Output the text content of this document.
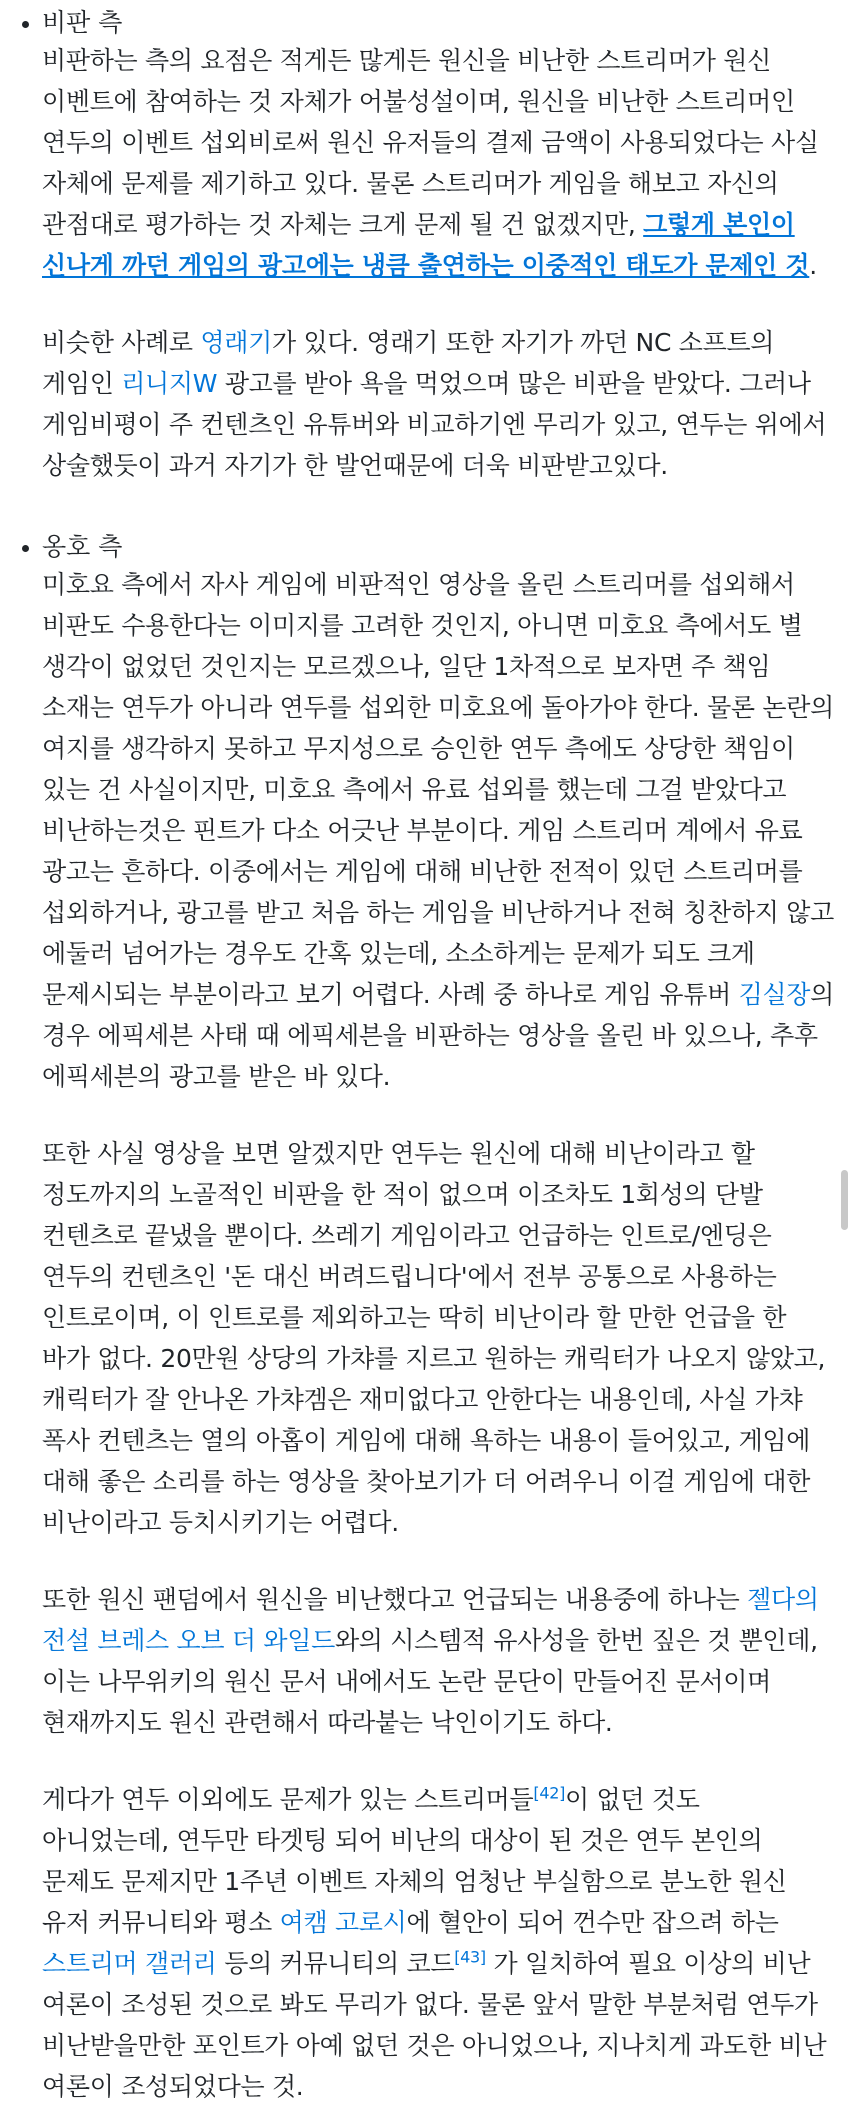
비판 측

비판하는 측의 요점은 적게든 많게든 원신을 비난한 스트리머가 원신 이벤트에 참여하는 것 자체가 어불성설이며, 원신을 비난한 스트리머인 연두의 이벤트 섭외비로써 원신 유저들의 결제 금액이 사용되었다는 사실 자체에 문제를 제기하고 있다. 물론 스트리머가 게임을 해보고 자신의 관점대로 평가하는 것 자체는 크게 문제 될 건 없겠지만, 그렇게 본인이 신나게 까던 게임의 광고에는 냉큼 출연하는 이중적인 태도가 문제인 것.

비슷한 사례로 영래기가 있다. 영래기 또한 자기가 까던 NC 소프트의 게임인 리니지W 광고를 받아 욕을 먹었으며 많은 비판을 받았다. 그러나 게임비평이 주 컨텐츠인 유튜버와 비교하기엔 무리가 있고, 연두는 위에서 상술했듯이 과거 자기가 한 발언때문에 더욱 비판받고있다.

옹호 측

미호요 측에서 자사 게임에 비판적인 영상을 올린 스트리머를 섭외해서 비판도 수용한다는 이미지를 고려한 것인지, 아니면 미호요 측에서도 별 생각이 없었던 것인지는 모르겠으나, 일단 1차적으로 보자면 주 책임 소재는 연두가 아니라 연두를 섭외한 미호요에 돌아가야 한다. 물론 논란의 여지를 생각하지 못하고 무지성으로 승인한 연두 측에도 상당한 책임이 있는 건 사실이지만, 미호요 측에서 유료 섭외를 했는데 그걸 받았다고 비난하는것은 핀트가 다소 어긋난 부분이다. 게임 스트리머 계에서 유료 광고는 흔하다. 이중에서는 게임에 대해 비난한 전적이 있던 스트리머를 섭외하거나, 광고를 받고 처음 하는 게임을 비난하거나 전혀 칭찬하지 않고 에둘러 넘어가는 경우도 간혹 있는데, 소소하게는 문제가 되도 크게 문제시되는 부분이라고 보기 어렵다. 사례 중 하나로 게임 유튜버 김실장의 경우 에픽세븐 사태 때 에픽세븐을 비판하는 영상을 올린 바 있으나, 추후 에픽세븐의 광고를 받은 바 있다.

또한 사실 영상을 보면 알겠지만 연두는 원신에 대해 비난이라고 할 정도까지의 노골적인 비판을 한 적이 없으며 이조차도 1회성의 단발 컨텐츠로 끝냈을 뿐이다. 쓰레기 게임이라고 언급하는 인트로/엔딩은 연두의 컨텐츠인 '돈 대신 버려드립니다'에서 전부 공통으로 사용하는 인트로이며, 이 인트로를 제외하고는 딱히 비난이라 할 만한 언급을 한 바가 없다. 20만원 상당의 가챠를 지르고 원하는 캐릭터가 나오지 않았고, 캐릭터가 잘 안나온 가챠겜은 재미없다고 안한다는 내용인데, 사실 가챠 폭사 컨텐츠는 열의 아홉이 게임에 대해 욕하는 내용이 들어있고, 게임에 대해 좋은 소리를 하는 영상을 찾아보기가 더 어려우니 이걸 게임에 대한 비난이라고 등치시키기는 어렵다.

또한 원신 팬덤에서 원신을 비난했다고 언급되는 내용중에 하나는 젤다의 전설 브레스 오브 더 와일드와의 시스템적 유사성을 한번 짚은 것 뿐인데, 이는 나무위키의 원신 문서 내에서도 논란 문단이 만들어진 문서이며 현재까지도 원신 관련해서 따라붙는 낙인이기도 하다.

게다가 연두 이외에도 문제가 있는 스트리머들[42]이 없던 것도 아니었는데, 연두만 타겟팅 되어 비난의 대상이 된 것은 연두 본인의 문제도 문제지만 1주년 이벤트 자체의 엄청난 부실함으로 분노한 원신 유저 커뮤니티와 평소 여캠 고로시에 혈안이 되어 껀수만 잡으려 하는 스트리머 갤러리 등의 커뮤니티의 코드[43] 가 일치하여 필요 이상의 비난 여론이 조성된 것으로 봐도 무리가 없다. 물론 앞서 말한 부분처럼 연두가 비난받을만한 포인트가 아예 없던 것은 아니었으나, 지나치게 과도한 비난 여론이 조성되었다는 것.
